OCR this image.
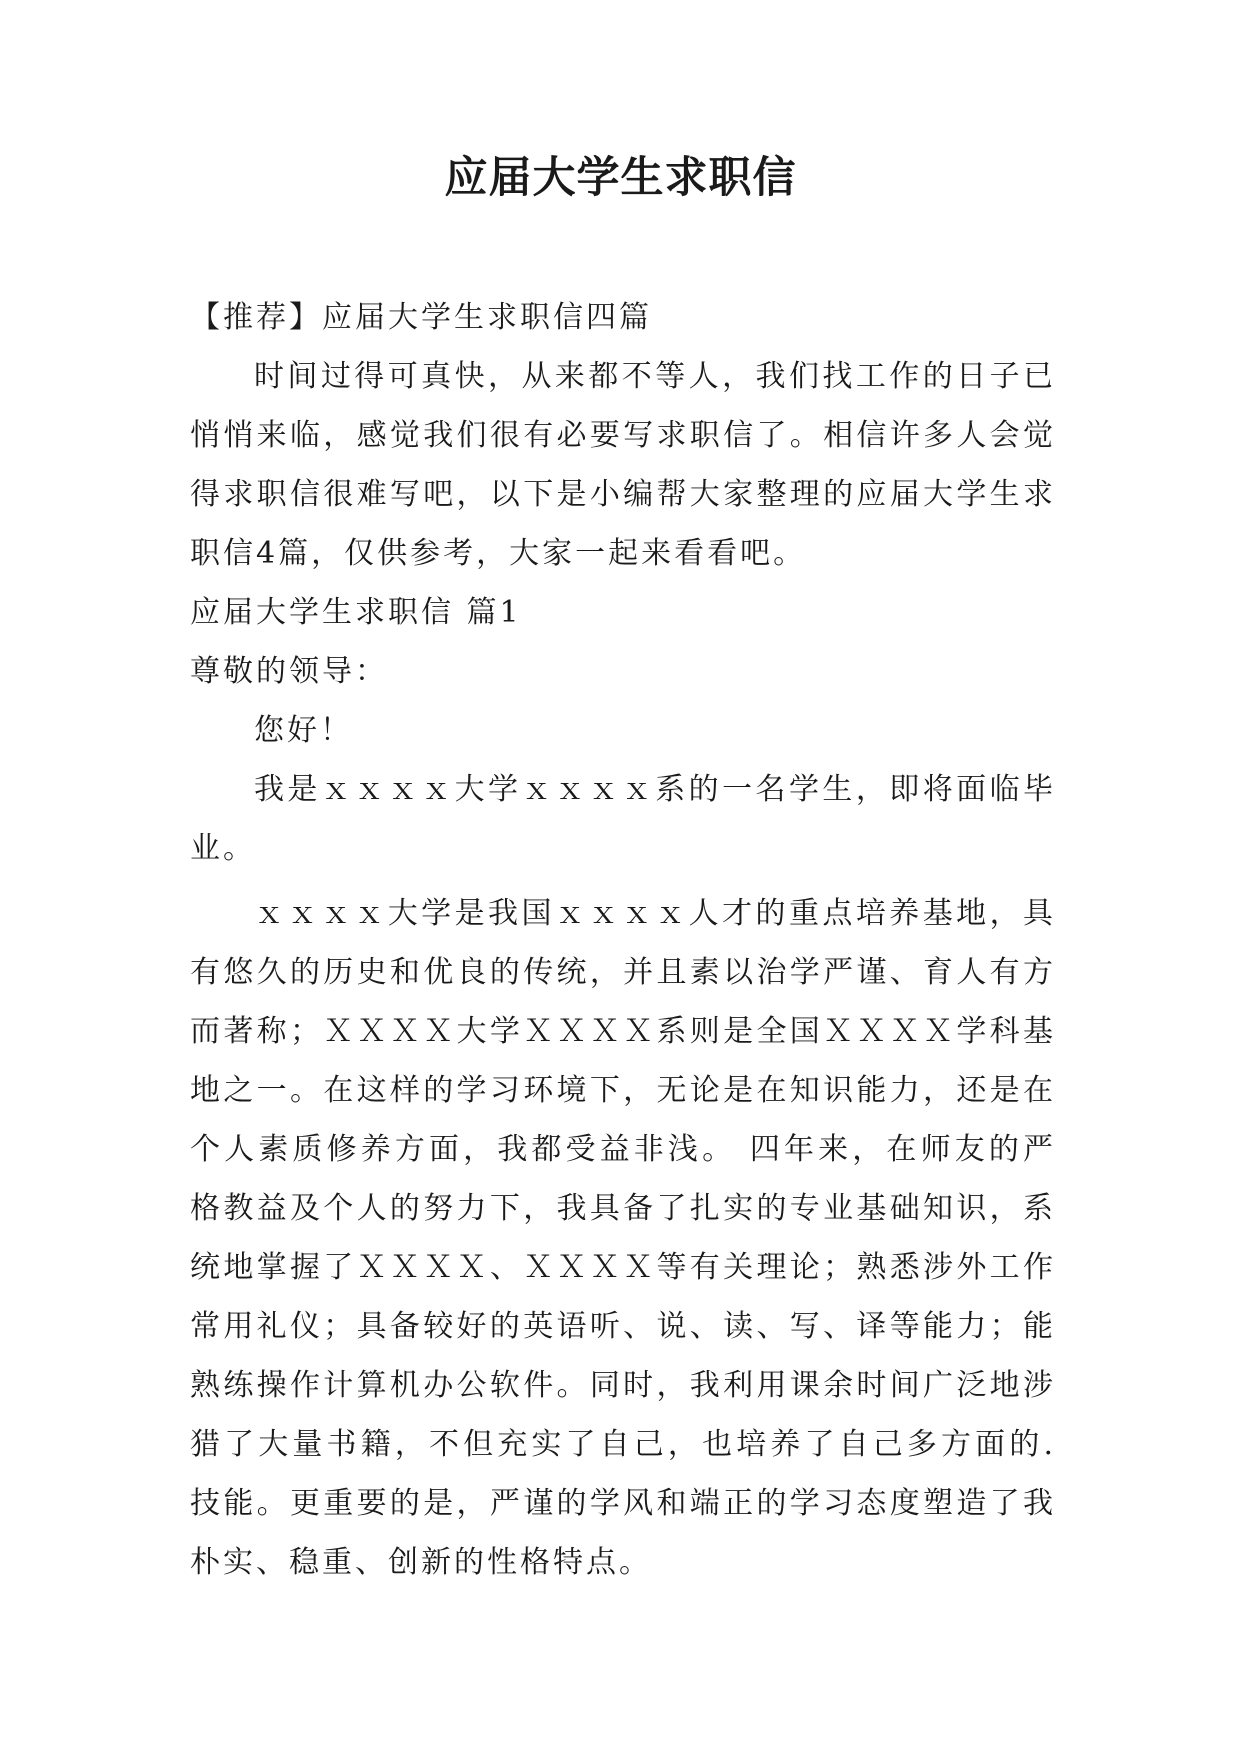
应届大学生求职信

【推荐】应届大学生求职信四篇

时间过得可真快，从来都不等人，我们找工作的日子已悄悄来临，感觉我们很有必要写求职信了。相信许多人会觉得求职信很难写吧，以下是小编帮大家整理的应届大学生求职信4篇，仅供参考，大家一起来看看吧。

应届大学生求职信 篇1

尊敬的领导：

您好！

我是ｘｘｘｘ大学ｘｘｘｘ系的一名学生，即将面临毕业。

ｘｘｘｘ大学是我国ｘｘｘｘ人才的重点培养基地，具有悠久的历史和优良的传统，并且素以治学严谨、育人有方而著称；ＸＸＸＸ大学ＸＸＸＸ系则是全国ＸＸＸＸ学科基地之一。在这样的学习环境下，无论是在知识能力，还是在个人素质修养方面，我都受益非浅。 四年来，在师友的严格教益及个人的努力下，我具备了扎实的专业基础知识，系统地掌握了ＸＸＸＸ、ＸＸＸＸ等有关理论；熟悉涉外工作常用礼仪；具备较好的英语听、说、读、写、译等能力；能熟练操作计算机办公软件。同时，我利用课余时间广泛地涉猎了大量书籍，不但充实了自己，也培养了自己多方面的.技能。更重要的是，严谨的学风和端正的学习态度塑造了我朴实、稳重、创新的性格特点。
